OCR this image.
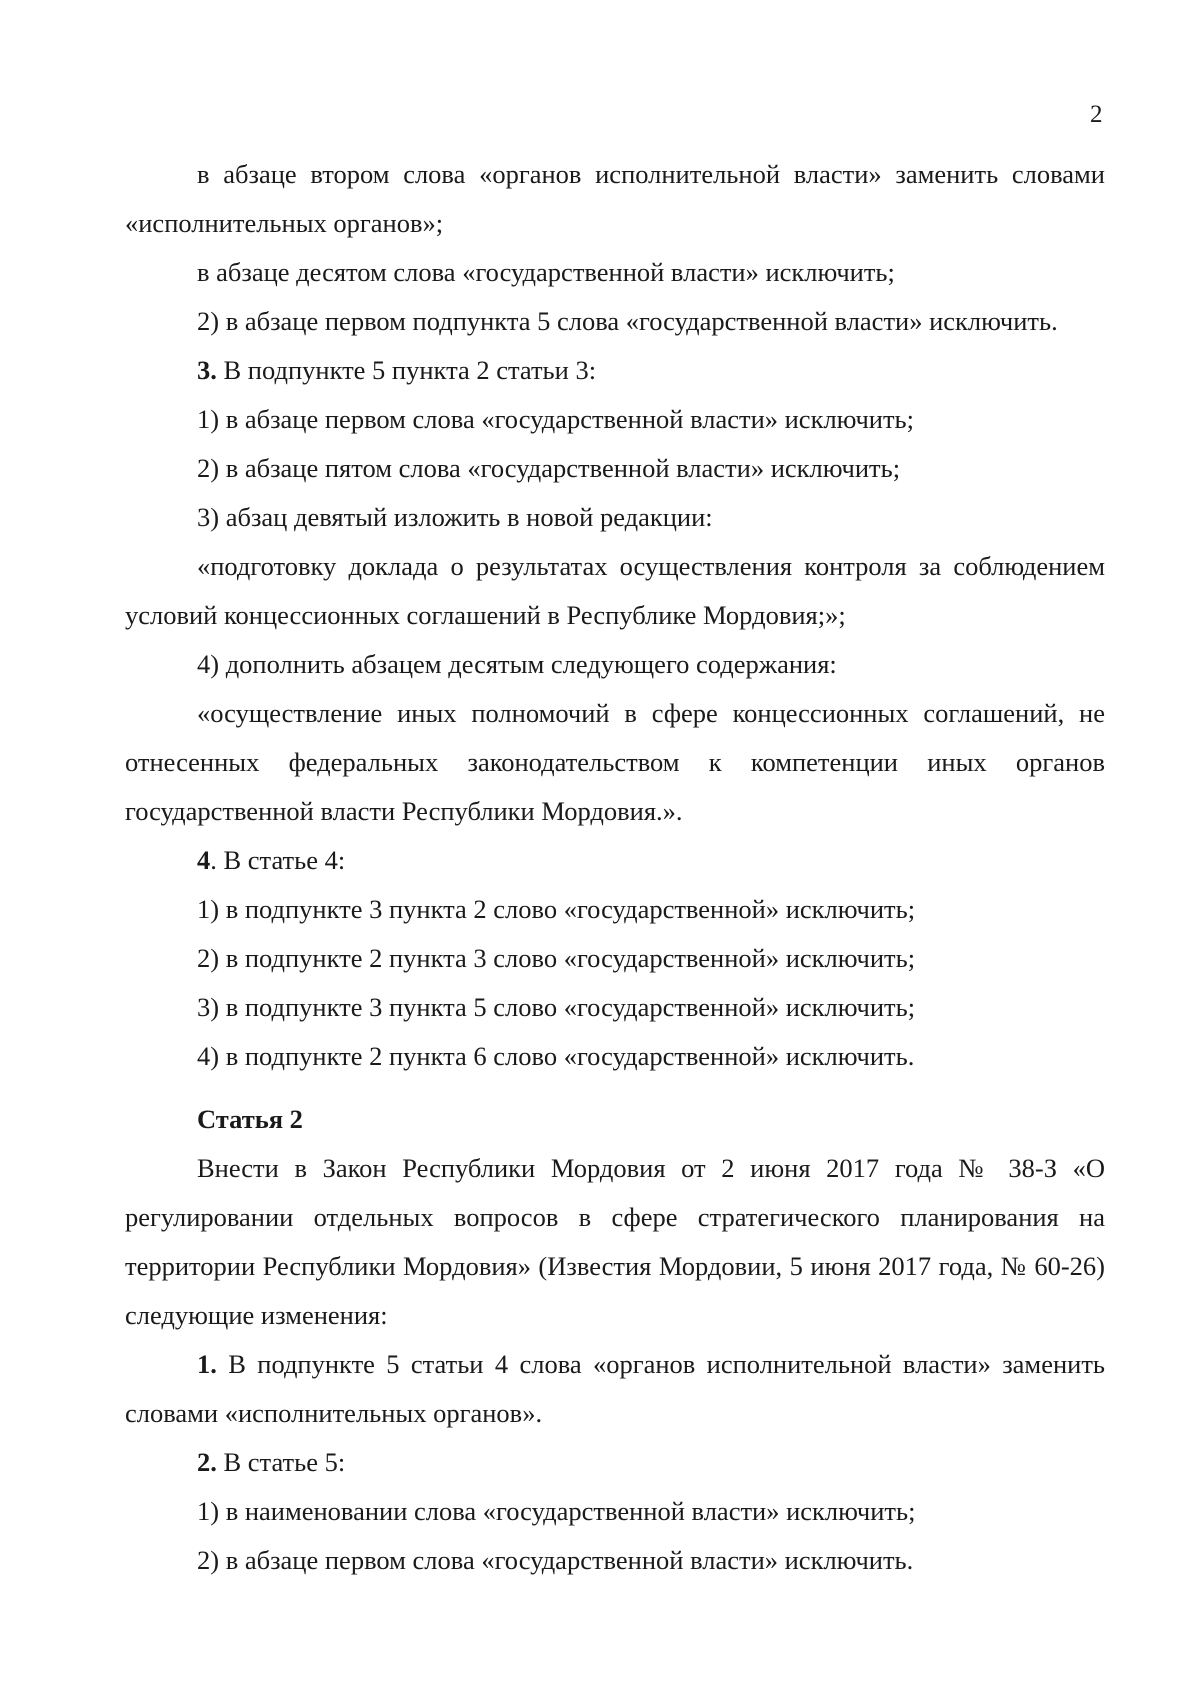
2

в абзаце втором слова «органов исполнительной власти» заменить словами «исполнительных органов»;

в абзаце десятом слова «государственной власти» исключить;

2) в абзаце первом подпункта 5 слова «государственной власти» исключить.

3. В подпункте 5 пункта 2 статьи 3:

1) в абзаце первом слова «государственной власти» исключить;

2) в абзаце пятом слова «государственной власти» исключить;

3) абзац девятый изложить в новой редакции:

«подготовку доклада о результатах осуществления контроля за соблюдением условий концессионных соглашений в Республике Мордовия;»;

4) дополнить абзацем десятым следующего содержания:

«осуществление иных полномочий в сфере концессионных соглашений, не отнесенных федеральных законодательством к компетенции иных органов государственной власти Республики Мордовия.».

4. В статье 4:

1) в подпункте 3 пункта 2 слово «государственной» исключить;

2) в подпункте 2 пункта 3 слово «государственной» исключить;

3) в подпункте 3 пункта 5 слово «государственной» исключить;

4) в подпункте 2 пункта 6 слово «государственной» исключить.

Статья 2

Внести в Закон Республики Мордовия от 2 июня 2017 года № 38-З «О регулировании отдельных вопросов в сфере стратегического планирования на территории Республики Мордовия» (Известия Мордовии, 5 июня 2017 года, № 60-26) следующие изменения:

1. В подпункте 5 статьи 4 слова «органов исполнительной власти» заменить словами «исполнительных органов».

2. В статье 5:

1) в наименовании слова «государственной власти» исключить;

2) в абзаце первом слова «государственной власти» исключить.
